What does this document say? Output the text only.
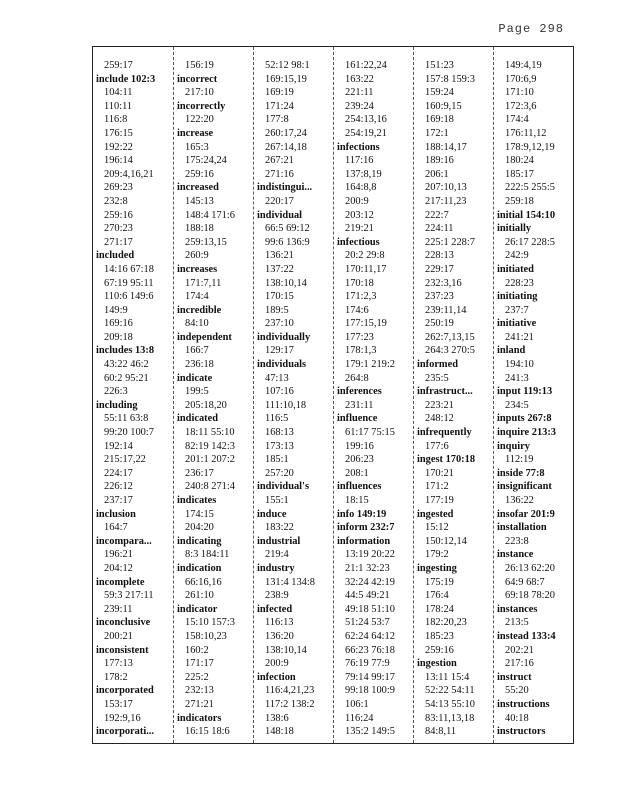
Page 298
259:17
include 102:3
104:11
110:11
116:8
176:15
192:22
196:14
209:4,16,21
269:23
232:8
259:16
270:23
271:17
included
14:16 67:18
67:19 95:11
110:6 149:6
149:9
169:16
209:18
includes 13:8
43:22 46:2
60:2 95:21
226:3
including
55:11 63:8
99:20 100:7
192:14
215:17,22
224:17
226:12
237:17
inclusion
164:7
incomparа...
196:21
204:12
incomplete
59:3 217:11
239:11
inconclusive
200:21
inconsistent
177:13
178:2
incorporated
153:17
192:9,16
incorporati...
156:19
incorrect
217:10
incorrectly
122:20
increase
165:3
175:24,24
259:16
increased
145:13
148:4 171:6
188:18
259:13,15
260:9
increases
171:7,11
174:4
incredible
84:10
independent
166:7
236:18
indicate
199:5
205:18,20
indicated
18:11 55:10
82:19 142:3
201:1 207:2
236:17
240:8 271:4
indicates
174:15
204:20
indicating
8:3 184:11
indication
66:16,16
261:10
indicator
15:10 157:3
158:10,23
160:2
171:17
225:2
232:13
271:21
indicators
16:15 18:6
52:12 98:1
169:15,19
169:19
171:24
177:8
260:17,24
267:14,18
267:21
271:16
indistingui...
220:17
individual
66:5 69:12
99:6 136:9
136:21
137:22
138:10,14
170:15
189:5
237:10
individually
129:17
individuals
47:13
107:16
111:10,18
116:5
168:13
173:13
185:1
257:20
individual's
155:1
induce
183:22
industrial
219:4
industry
131:4 134:8
238:9
infected
116:13
136:20
138:10,14
200:9
infection
116:4,21,23
117:2 138:2
138:6
148:18
161:22,24
163:22
221:11
239:24
254:13,16
254:19,21
infections
117:16
137:8,19
164:8,8
200:9
203:12
219:21
infectious
20:2 29:8
170:11,17
170:18
171:2,3
174:6
177:15,19
177:23
178:1,3
179:1 219:2
264:8
inferences
231:11
influence
61:17 75:15
199:16
206:23
208:1
influences
18:15
info 149:19
inform 232:7
information
13:19 20:22
21:1 32:23
32:24 42:19
44:5 49:21
49:18 51:10
51:24 53:7
62:24 64:12
66:23 76:18
76:19 77:9
79:14 99:17
99:18 100:9
106:1
116:24
135:2 149:5
151:23
157:8 159:3
159:24
160:9,15
169:18
172:1
188:14,17
189:16
206:1
207:10,13
217:11,23
222:7
224:11
225:1 228:7
228:13
229:17
232:3,16
237:23
239:11,14
250:19
262:7,13,15
264:3 270:5
informed
235:5
infrastruct...
223:21
248:12
infrequently
177:6
ingest 170:18
170:21
171:2
177:19
ingested
15:12
150:12,14
179:2
ingesting
175:19
176:4
178:24
182:20,23
185:23
259:16
ingestion
13:11 15:4
52:22 54:11
54:13 55:10
83:11,13,18
84:8,11
149:4,19
170:6,9
171:10
172:3,6
174:4
176:11,12
178:9,12,19
180:24
185:17
222:5 255:5
259:18
initial 154:10
initially
26:17 228:5
242:9
initiated
228:23
initiating
237:7
initiative
241:21
inland
194:10
241:3
input 119:13
234:5
inputs 267:8
inquire 213:3
inquiry
112:19
inside 77:8
insignificant
136:22
insofar 201:9
installation
223:8
instance
26:13 62:20
64:9 68:7
69:18 78:20
instances
213:5
instead 133:4
202:21
217:16
instruct
55:20
instructions
40:18
instructors
